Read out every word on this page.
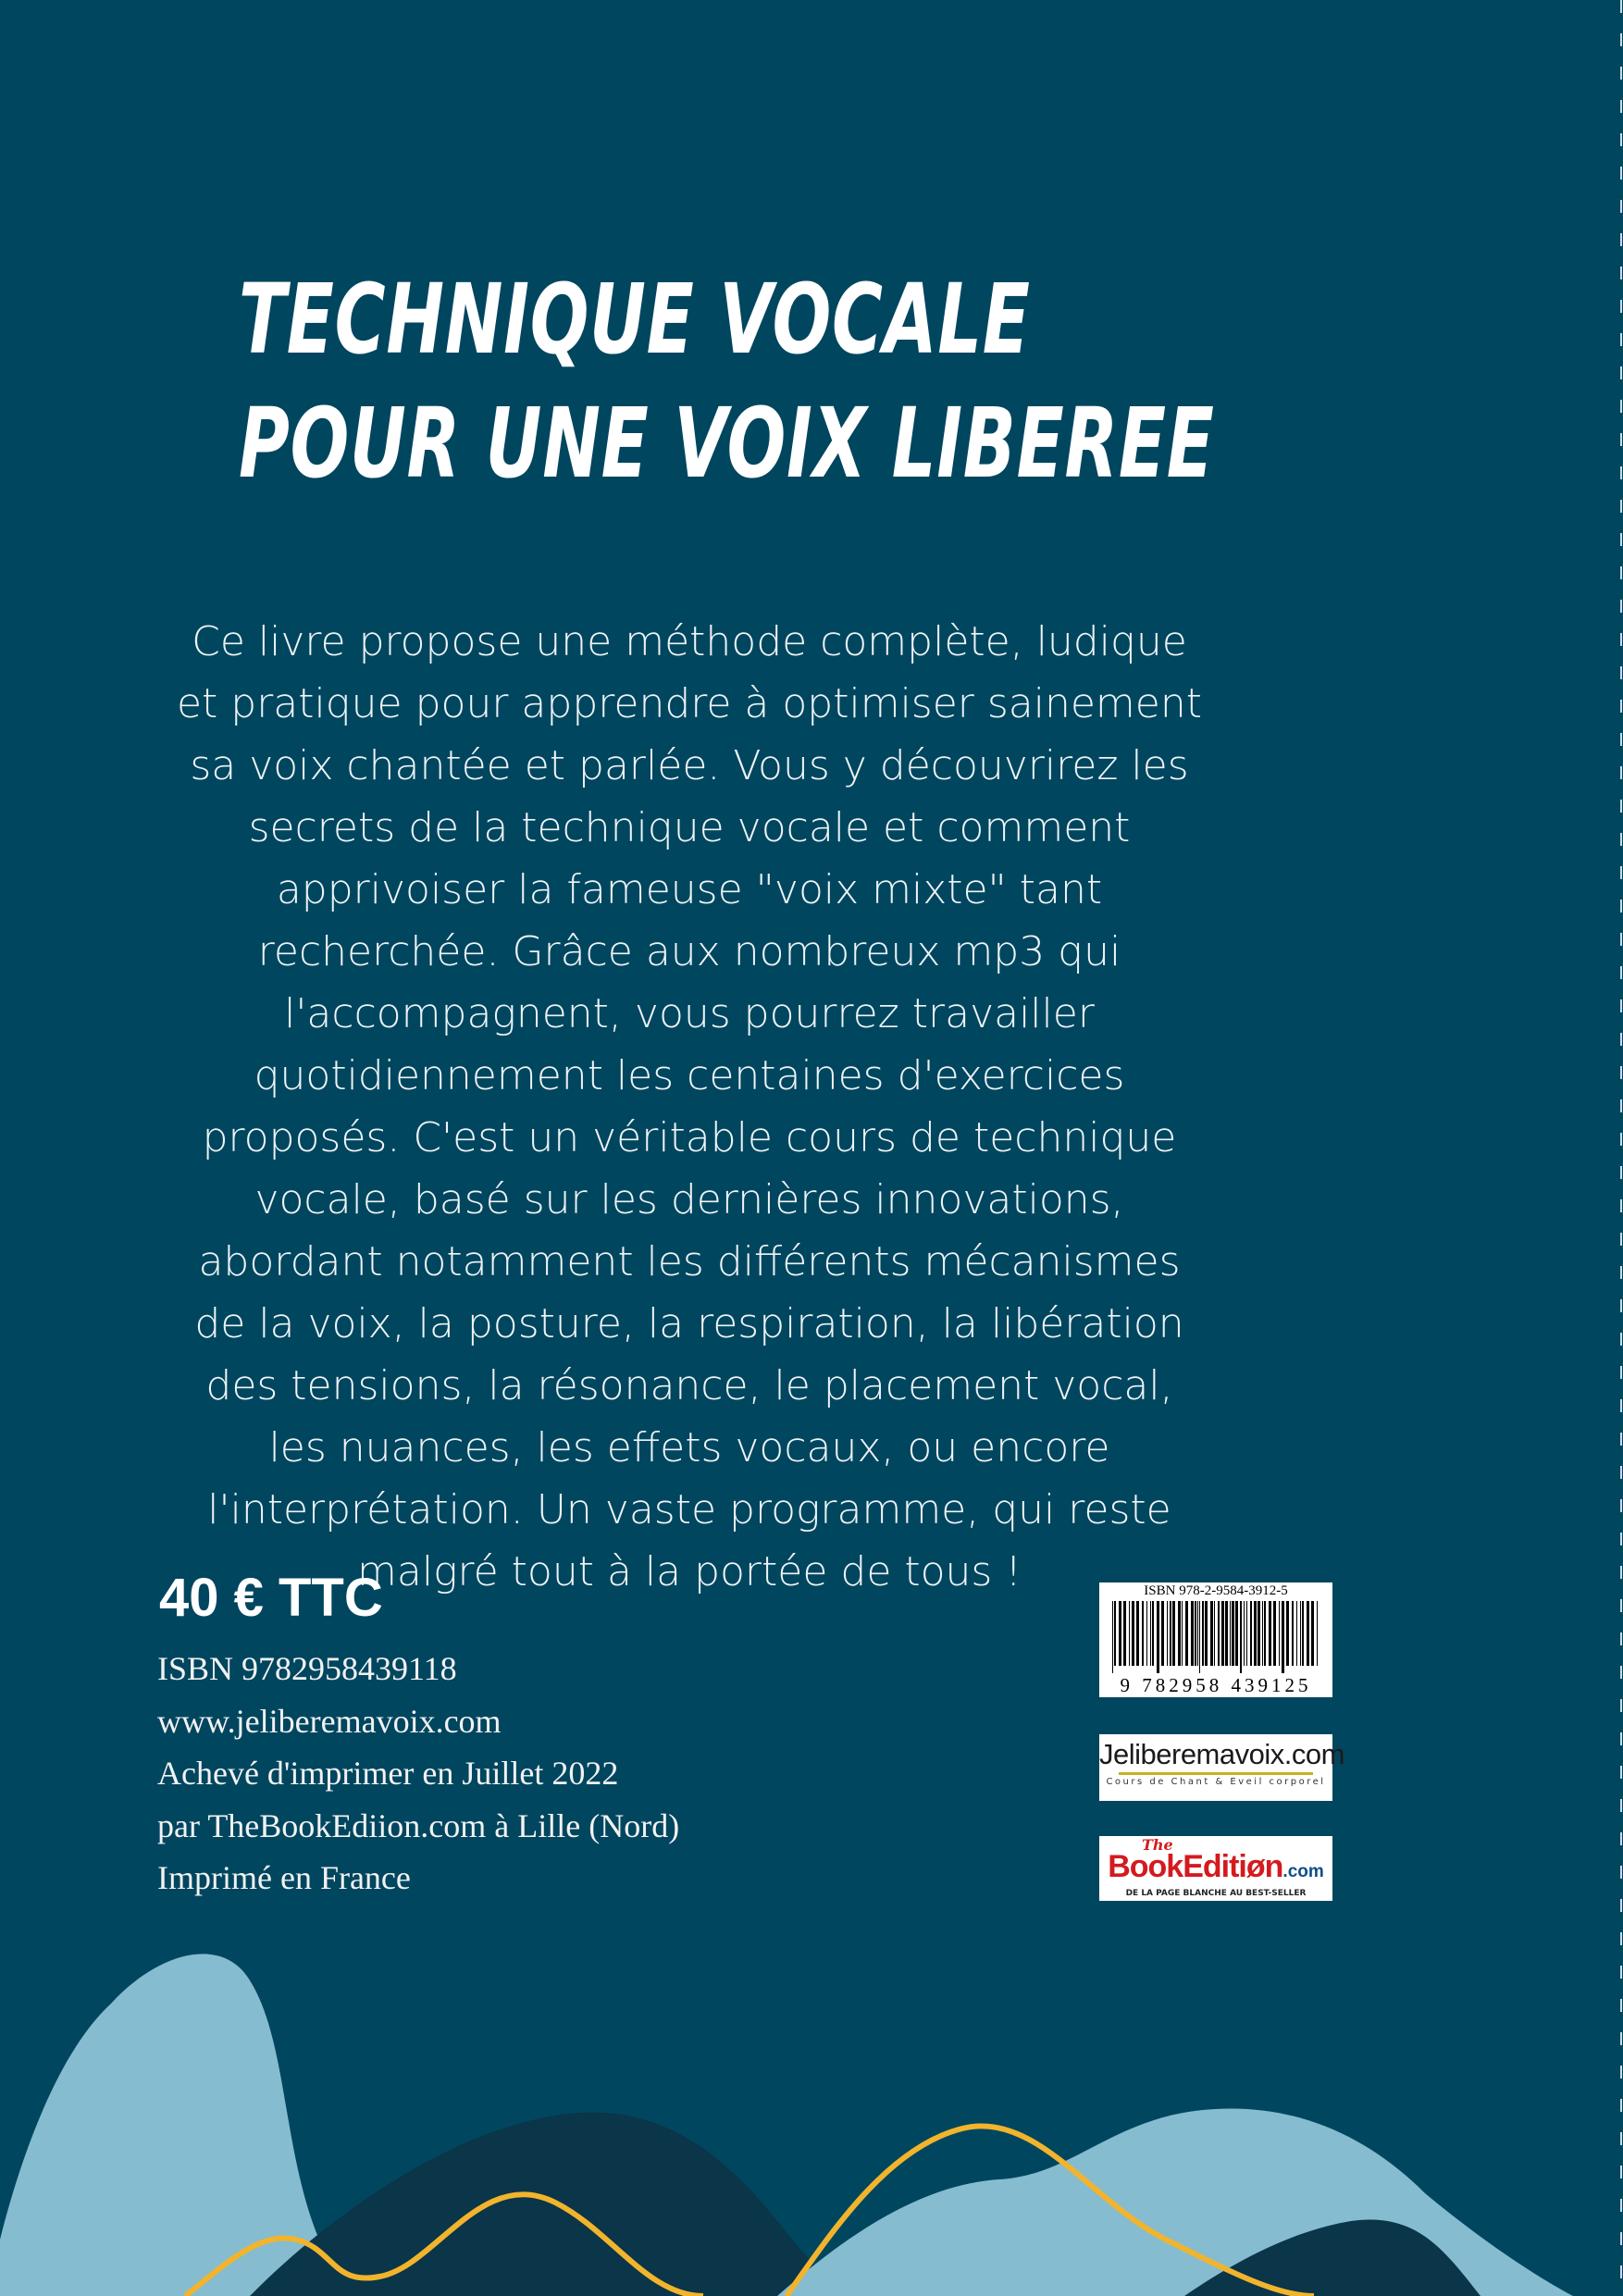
TECHNIQUE VOCALE
POUR UNE VOIX LIBEREE

Ce livre propose une méthode complète, ludique et pratique pour apprendre à optimiser sainement sa voix chantée et parlée. Vous y découvrirez les secrets de la technique vocale et comment apprivoiser la fameuse "voix mixte" tant recherchée. Grâce aux nombreux mp3 qui l'accompagnent, vous pourrez travailler quotidiennement les centaines d'exercices proposés. C'est un véritable cours de technique vocale, basé sur les dernières innovations, abordant notamment les différents mécanismes de la voix, la posture, la respiration, la libération des tensions, la résonance, le placement vocal, les nuances, les effets vocaux, ou encore l'interprétation. Un vaste programme, qui reste malgré tout à la portée de tous !

40 € TTC
ISBN 9782958439118
www.jeliberemavoix.com
Achevé d'imprimer en Juillet 2022
par TheBookEdiion.com à Lille (Nord)
Imprimé en France
ISBN 978-2-9584-3912-5
9 782958 439125
Jeliberemavoix.com
Cours de Chant & Eveil corporel
The
BookEditiøn.com
DE LA PAGE BLANCHE AU BEST-SELLER
